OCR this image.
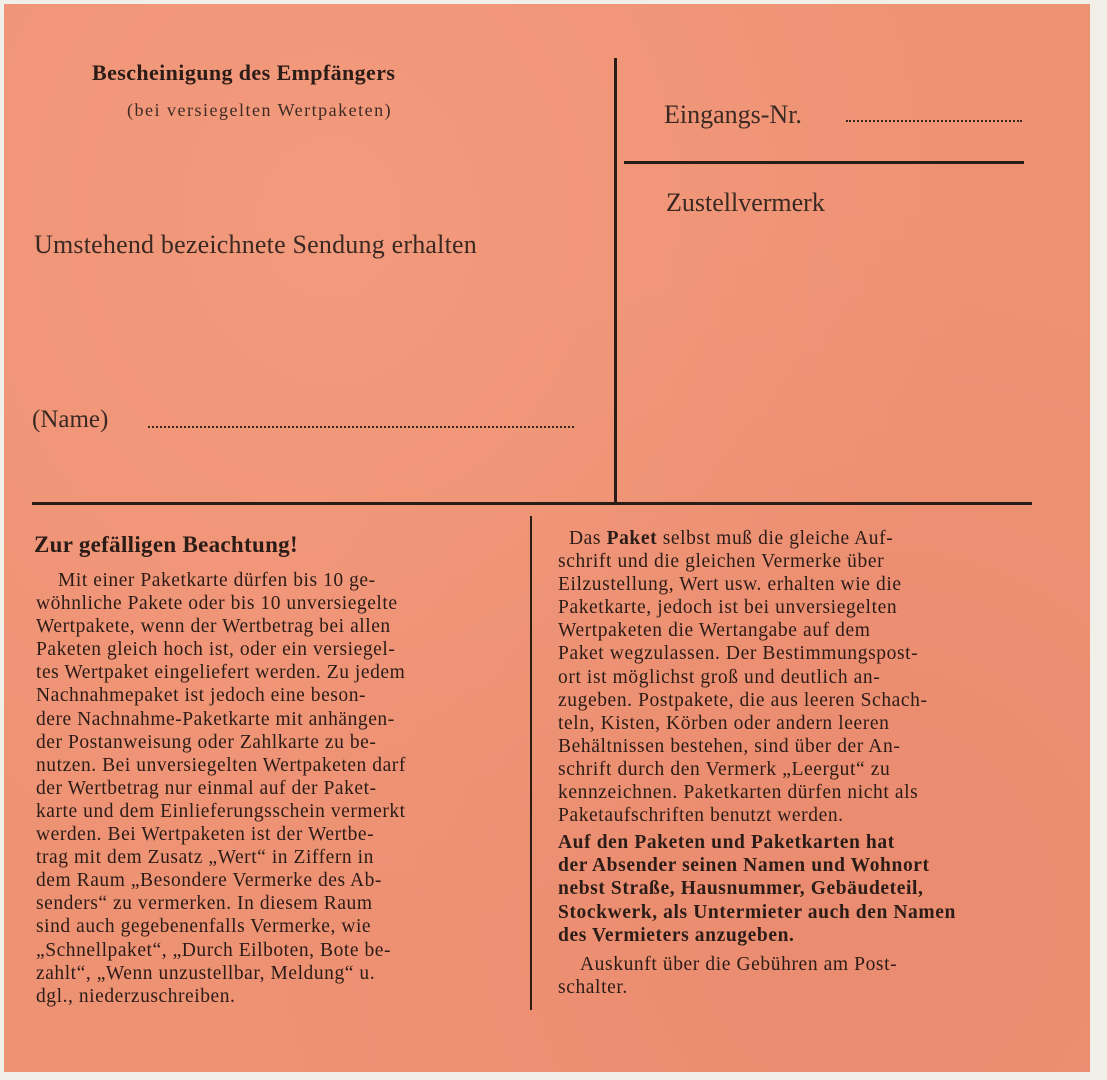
Bescheinigung des Empfängers
(bei versiegelten Wertpaketen)
Umstehend bezeichnete Sendung erhalten
(Name)
Eingangs-Nr.
Zustellvermerk
Zur gefälligen Beachtung!
Mit einer Paketkarte dürfen bis 10 ge-
wöhnliche Pakete oder bis 10 unversiegelte
Wertpakete, wenn der Wertbetrag bei allen
Paketen gleich hoch ist, oder ein versiegel-
tes Wertpaket eingeliefert werden. Zu jedem
Nachnahmepaket ist jedoch eine beson-
dere Nachnahme-Paketkarte mit anhängen-
der Postanweisung oder Zahlkarte zu be-
nutzen. Bei unversiegelten Wertpaketen darf
der Wertbetrag nur einmal auf der Paket-
karte und dem Einlieferungsschein vermerkt
werden. Bei Wertpaketen ist der Wertbe-
trag mit dem Zusatz „Wert“ in Ziffern in
dem Raum „Besondere Vermerke des Ab-
senders“ zu vermerken. In diesem Raum
sind auch gegebenenfalls Vermerke, wie
„Schnellpaket“, „Durch Eilboten, Bote be-
zahlt“, „Wenn unzustellbar, Meldung“ u.
dgl., niederzuschreiben.
Das Paket selbst muß die gleiche Auf-
schrift und die gleichen Vermerke über
Eilzustellung, Wert usw. erhalten wie die
Paketkarte, jedoch ist bei unversiegelten
Wertpaketen die Wertangabe auf dem
Paket wegzulassen. Der Bestimmungspost-
ort ist möglichst groß und deutlich an-
zugeben. Postpakete, die aus leeren Schach-
teln, Kisten, Körben oder andern leeren
Behältnissen bestehen, sind über der An-
schrift durch den Vermerk „Leergut“ zu
kennzeichnen. Paketkarten dürfen nicht als
Paketaufschriften benutzt werden.
Auf den Paketen und Paketkarten hat
der Absender seinen Namen und Wohnort
nebst Straße, Hausnummer, Gebäudeteil,
Stockwerk, als Untermieter auch den Namen
des Vermieters anzugeben.
Auskunft über die Gebühren am Post-
schalter.
